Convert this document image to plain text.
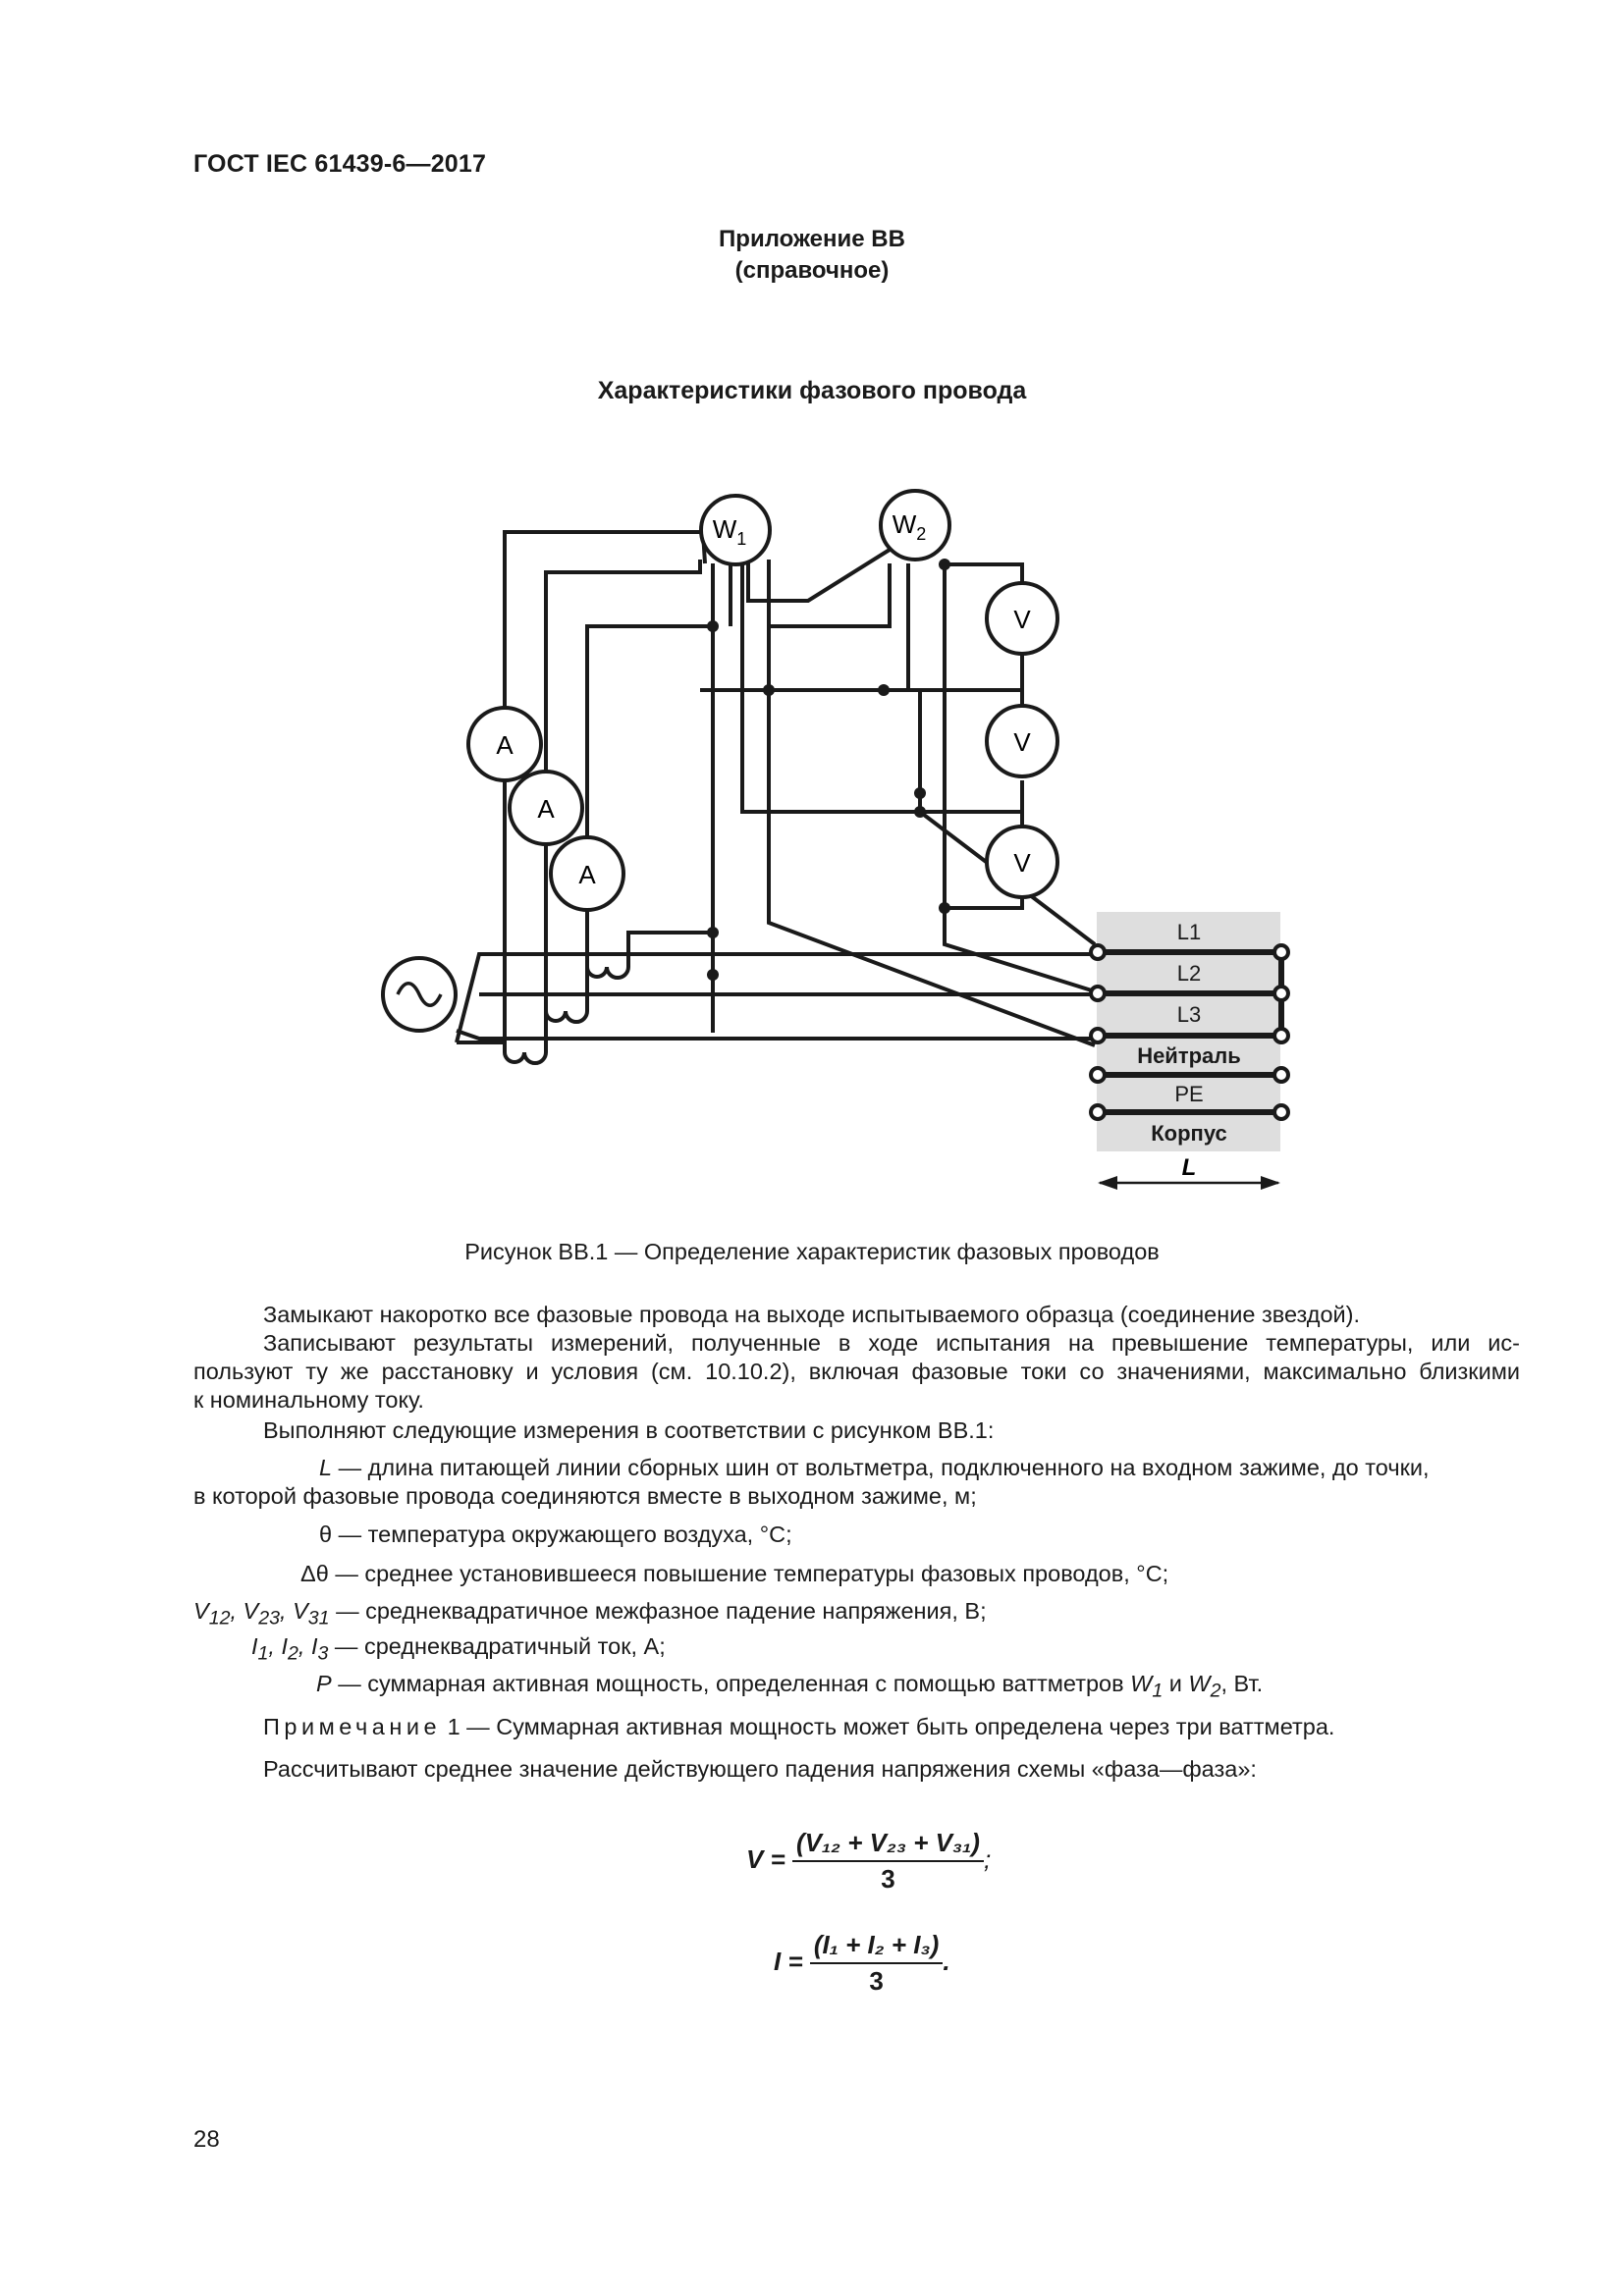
ГОСТ IEC 61439-6—2017
Приложение ВВ
(справочное)
Характеристики фазового провода
A
A
A
$W_1$	$W_2$
V
V
V
L1
L2
L3
Нейтраль
PE
Корпус
L
Рисунок ВВ.1 — Определение характеристик фазовых проводов
Замыкают накоротко все фазовые провода на выходе испытываемого образца (соединение звездой).
Записывают результаты измерений, полученные в ходе испытания на превышение температуры, или ис-
пользуют ту же расстановку и условия (см. 10.10.2), включая фазовые токи со значениями, максимально близкими
к номинальному току.
Выполняют следующие измерения в соответствии с рисунком ВВ.1:
L — длина питающей линии сборных шин от вольтметра, подключенного на входном зажиме, до точки,
в которой фазовые провода соединяются вместе в выходном зажиме, м;
θ — температура окружающего воздуха, °C;
Δθ — среднее установившееся повышение температуры фазовых проводов, °C;
$V_{12}$, $V_{23}$, $V_{31}$ — среднеквадратичное межфазное падение напряжения, В;
$I_1$, $I_2$, $I_3$ — среднеквадратичный ток, А;
P — суммарная активная мощность, определенная с помощью ваттметров $W_1$ и $W_2$, Вт.
Примечание 1 — Суммарная активная мощность может быть определена через три ваттметра.
Рассчитывают среднее значение действующего падения напряжения схемы «фаза—фаза»:
$V = \frac{\text{(V₁₂ + V₂₃ + V₃₁)}}{3}$ ;
$I = \frac{\text{(I₁ + I₂ + I₃)}}{3}$ .
28
